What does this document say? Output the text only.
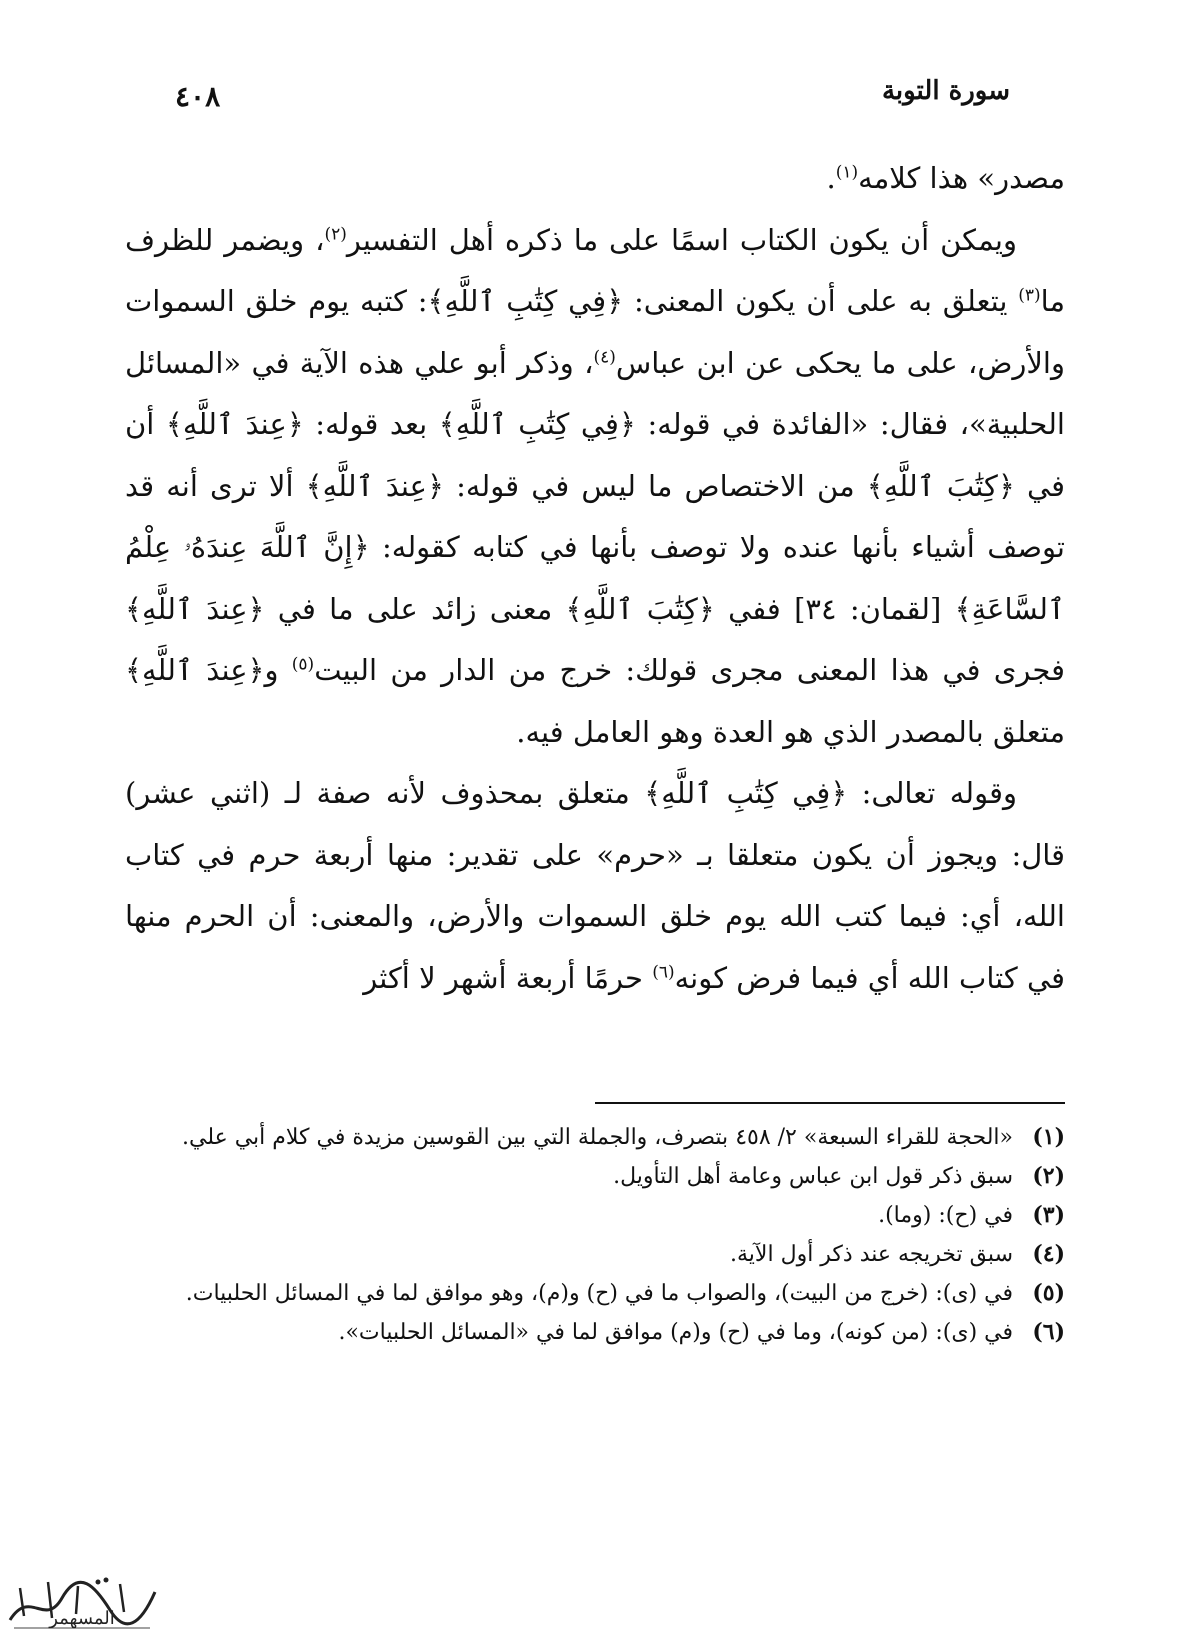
سورة التوبة
٤٠٨

مصدر» هذا كلامه$^{(١)}$.

ويمكن أن يكون الكتاب اسمًا على ما ذكره أهل التفسير$^{(٢)}$، ويضمر للظرف ما$^{(٣)}$ يتعلق به على أن يكون المعنى: ﴿فِي كِتَٰبِ ٱللَّهِ﴾: كتبه يوم خلق السموات والأرض، على ما يحكى عن ابن عباس$^{(٤)}$، وذكر أبو علي هذه الآية في «المسائل الحلبية»، فقال: «الفائدة في قوله: ﴿فِي كِتَٰبِ ٱللَّهِ﴾ بعد قوله: ﴿عِندَ ٱللَّهِ﴾ أن في ﴿كِتَٰبَ ٱللَّهِ﴾ من الاختصاص ما ليس في قوله: ﴿عِندَ ٱللَّهِ﴾ ألا ترى أنه قد توصف أشياء بأنها عنده ولا توصف بأنها في كتابه كقوله: ﴿إِنَّ ٱللَّهَ عِندَهُۥ عِلْمُ ٱلسَّاعَةِ﴾ [لقمان: ٣٤] ففي ﴿كِتَٰبَ ٱللَّهِ﴾ معنى زائد على ما في ﴿عِندَ ٱللَّهِ﴾ فجرى في هذا المعنى مجرى قولك: خرج من الدار من البيت$^{(٥)}$ و﴿عِندَ ٱللَّهِ﴾ متعلق بالمصدر الذي هو العدة وهو العامل فيه.

وقوله تعالى: ﴿فِي كِتَٰبِ ٱللَّهِ﴾ متعلق بمحذوف لأنه صفة لـ (اثني عشر) قال: ويجوز أن يكون متعلقا بـ «حرم» على تقدير: منها أربعة حرم في كتاب الله، أي: فيما كتب الله يوم خلق السموات والأرض، والمعنى: أن الحرم منها في كتاب الله أي فيما فرض كونه$^{(٦)}$ حرمًا أربعة أشهر لا أكثر

(١)
«الحجة للقراء السبعة» ٢/ ٤٥٨ بتصرف، والجملة التي بين القوسين مزيدة في كلام أبي علي.
(٢)
سبق ذكر قول ابن عباس وعامة أهل التأويل.
(٣)
في (ح): (وما).
(٤)
سبق تخريجه عند ذكر أول الآية.
(٥)
في (ى): (خرج من البيت)، والصواب ما في (ح) و(م)، وهو موافق لما في المسائل الحلبيات.
(٦)
في (ى): (من كونه)، وما في (ح) و(م) موافق لما في «المسائل الحلبيات».
المسهمر
